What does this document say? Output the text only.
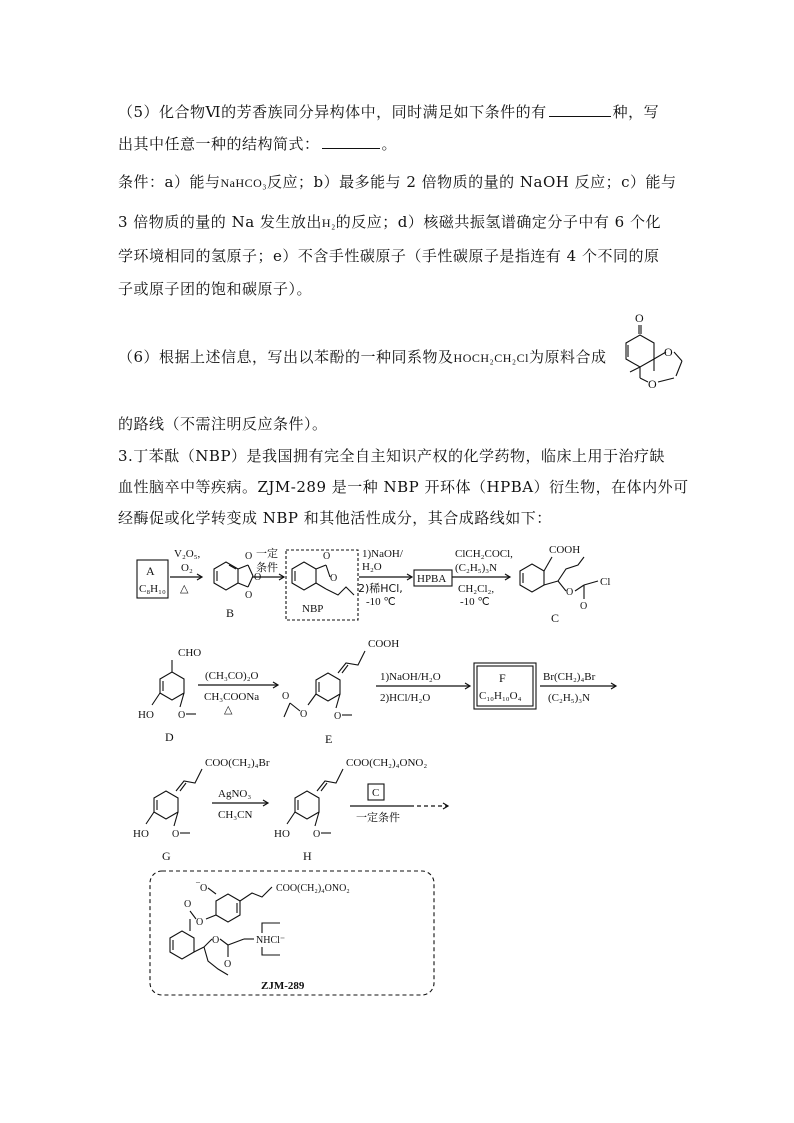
（5）化合物Ⅵ的芳香族同分异构体中，同时满足如下条件的有	种，写
出其中任意一种的结构简式：	。
条件：a）能与NaHCO₃反应；b）最多能与 2 倍物质的量的 NaOH 反应；c）能与
3 倍物质的量的 Na 发生放出H₂的反应；d）核磁共振氢谱确定分子中有 6 个化
学环境相同的氢原子；e）不含手性碳原子（手性碳原子是指连有 4 个不同的原
子或原子团的饱和碳原子）。
（6）根据上述信息，写出以苯酚的一种同系物及HOCH₂CH₂Cl为原料合成
O
O
O
的路线（不需注明反应条件）。
3.丁苯酞（NBP）是我国拥有完全自主知识产权的化学药物，临床上用于治疗缺
血性脑卒中等疾病。ZJM-289 是一种 NBP 开环体（HPBA）衍生物，在体内外可
经酶促或化学转变成 NBP 和其他活性成分，其合成路线如下：
A
C₈H₁₀
V₂O₅,
O₂
△
O
O
O
B
一定
条件
O
O
NBP
1)NaOH/
H₂O
2)稀HCl,
-10 ℃
HPBA
ClCH₂COCl,
(C₂H₅)₃N
CH₂Cl₂,
-10 ℃
COOH
O
O
Cl
C
CHO
O
HO
D
(CH₃CO)₂O
CH₃COONa
△
COOH
O
O
O
E
1)NaOH/H₂O
2)HCl/H₂O
F
C₁₀H₁₀O₄
Br(CH₂)₄Br
(C₂H₅)₃N
COO(CH₂)₄Br
O
HO
G
AgNO₃
CH₃CN
COO(CH₂)₄ONO₂
O
HO
H
C
一定条件
O
–
COO(CH₂)₄ONO₂
O
O
O
O
NHCl⁻
ZJM-289
